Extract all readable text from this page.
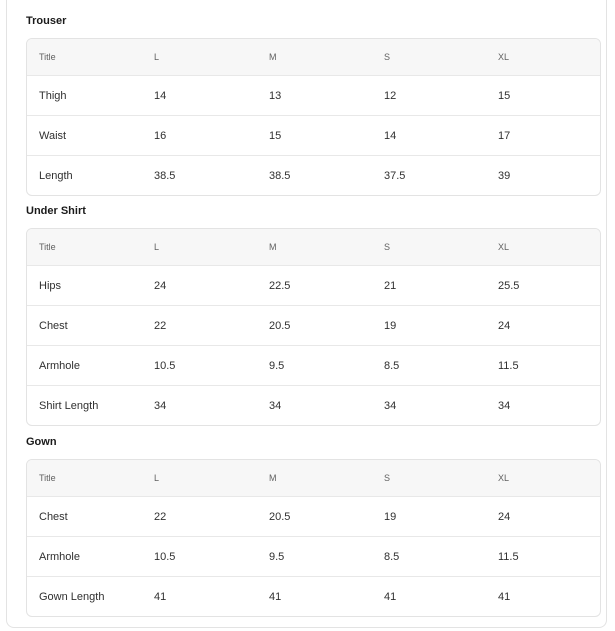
Trouser
Title	L	M	S	XL
Thigh	14	13	12	15
Waist	16	15	14	17
Length	38.5	38.5	37.5	39
Under Shirt
Title	L	M	S	XL
Hips	24	22.5	21	25.5
Chest	22	20.5	19	24
Armhole	10.5	9.5	8.5	11.5
Shirt Length	34	34	34	34
Gown
Title	L	M	S	XL
Chest	22	20.5	19	24
Armhole	10.5	9.5	8.5	11.5
Gown Length	41	41	41	41
